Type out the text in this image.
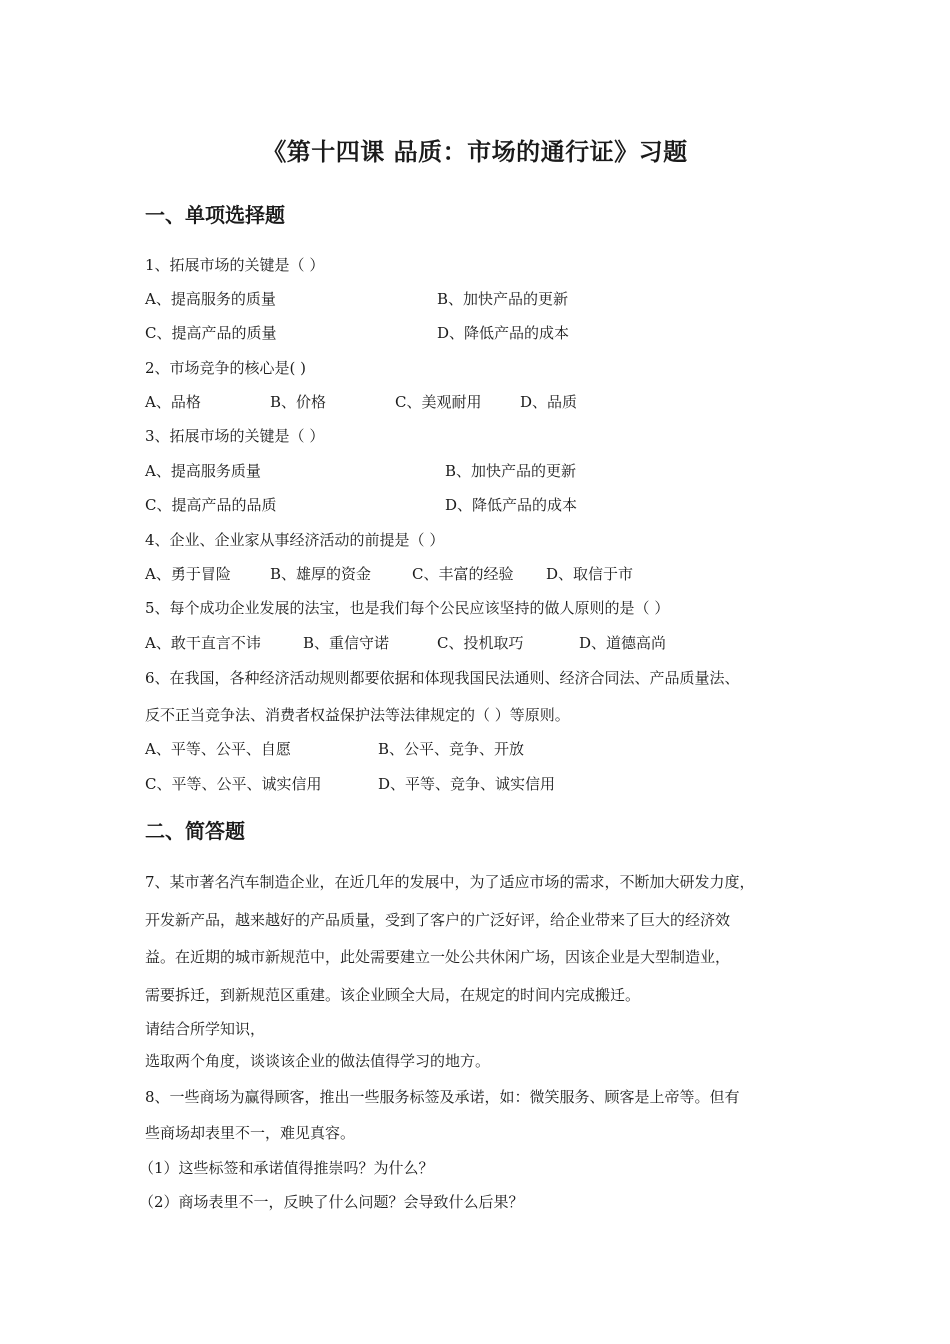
《第十四课 品质：市场的通行证》习题
一、单项选择题

1、拓展市场的关键是（ ）

A、提高服务的质量	B、加快产品的更新

C、提高产品的质量	D、降低产品的成本

2、市场竞争的核心是( )

A、品格	B、价格	C、美观耐用	D、品质

3、拓展市场的关键是（ ）

A、提高服务质量	B、加快产品的更新

C、提高产品的品质	D、降低产品的成本

4、企业、企业家从事经济活动的前提是（ ）

A、勇于冒险	B、雄厚的资金	C、丰富的经验 D、取信于市

5、每个成功企业发展的法宝，也是我们每个公民应该坚持的做人原则的是（ ）

A、敢干直言不讳	B、重信守诺	C、投机取巧	D、道德高尚

6、在我国，各种经济活动规则都要依据和体现我国民法通则、经济合同法、产品质量法、

反不正当竞争法、消费者权益保护法等法律规定的（ ）等原则。

A、平等、公平、自愿	B、公平、竞争、开放

C、平等、公平、诚实信用	D、平等、竞争、诚实信用

二、简答题

7、某市著名汽车制造企业，在近几年的发展中，为了适应市场的需求，不断加大研发力度，

开发新产品，越来越好的产品质量，受到了客户的广泛好评，给企业带来了巨大的经济效

益。在近期的城市新规范中，此处需要建立一处公共休闲广场，因该企业是大型制造业，

需要拆迁，到新规范区重建。该企业顾全大局，在规定的时间内完成搬迁。

请结合所学知识，

选取两个角度，谈谈该企业的做法值得学习的地方。

8、一些商场为赢得顾客，推出一些服务标签及承诺，如：微笑服务、顾客是上帝等。但有

些商场却表里不一，难见真容。

（1）这些标签和承诺值得推崇吗？为什么？

（2）商场表里不一，反映了什么问题？会导致什么后果？
